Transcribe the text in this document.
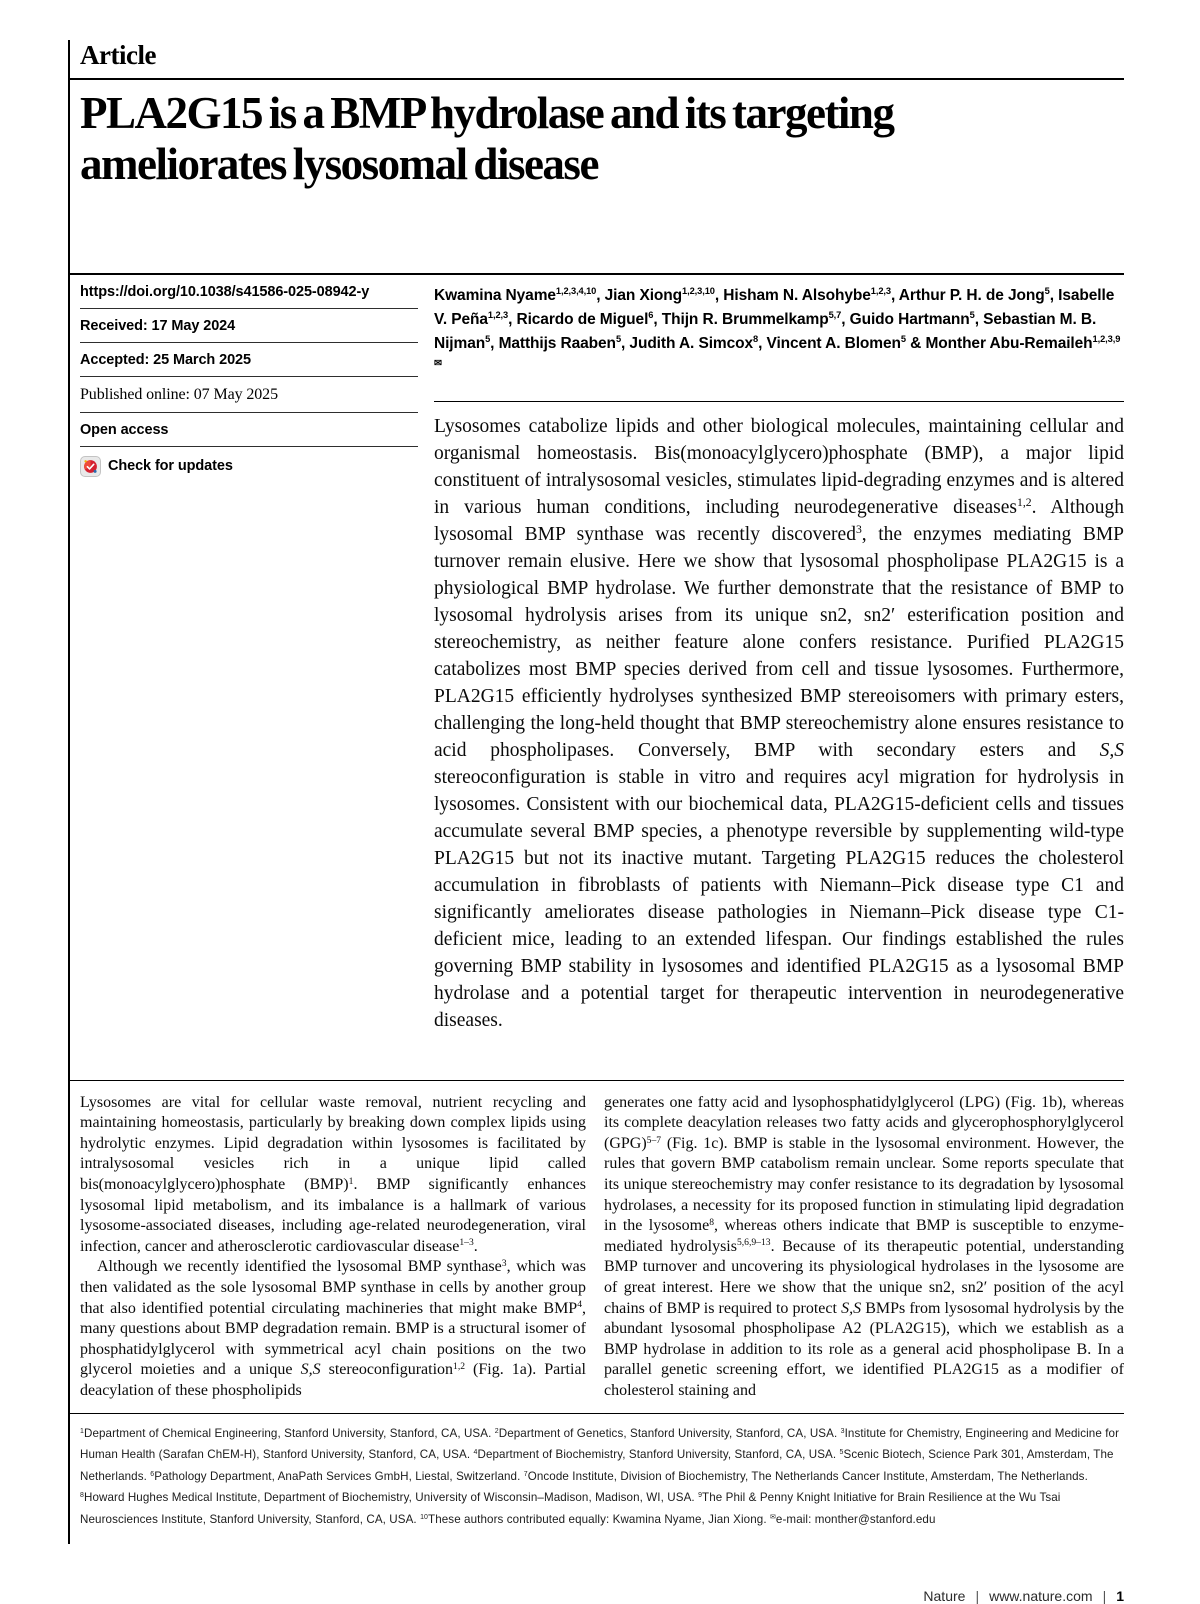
Article
PLA2G15 is a BMP hydrolase and its targeting ameliorates lysosomal disease
https://doi.org/10.1038/s41586-025-08942-y
Received: 17 May 2024
Accepted: 25 March 2025
Published online: 07 May 2025
Open access
Check for updates
Kwamina Nyame$^{1,2,3,4,10}$, Jian Xiong$^{1,2,3,10}$, Hisham N. Alsohybe$^{1,2,3}$, Arthur P. H. de Jong$^5$, Isabelle V. Peña$^{1,2,3}$, Ricardo de Miguel$^6$, Thijn R. Brummelkamp$^{5,7}$, Guido Hartmann$^5$, Sebastian M. B. Nijman$^5$, Matthijs Raaben$^5$, Judith A. Simcox$^8$, Vincent A. Blomen$^5$ & Monther Abu-Remaileh$^{1,2,3,9✉}$
Lysosomes catabolize lipids and other biological molecules, maintaining cellular and organismal homeostasis. Bis(monoacylglycero)phosphate (BMP), a major lipid constituent of intralysosomal vesicles, stimulates lipid-degrading enzymes and is altered in various human conditions, including neurodegenerative diseases$^{1,2}$. Although lysosomal BMP synthase was recently discovered$^3$, the enzymes mediating BMP turnover remain elusive. Here we show that lysosomal phospholipase PLA2G15 is a physiological BMP hydrolase. We further demonstrate that the resistance of BMP to lysosomal hydrolysis arises from its unique sn2, sn2′ esterification position and stereochemistry, as neither feature alone confers resistance. Purified PLA2G15 catabolizes most BMP species derived from cell and tissue lysosomes. Furthermore, PLA2G15 efficiently hydrolyses synthesized BMP stereoisomers with primary esters, challenging the long-held thought that BMP stereochemistry alone ensures resistance to acid phospholipases. Conversely, BMP with secondary esters and S,S stereoconfiguration is stable in vitro and requires acyl migration for hydrolysis in lysosomes. Consistent with our biochemical data, PLA2G15-deficient cells and tissues accumulate several BMP species, a phenotype reversible by supplementing wild-type PLA2G15 but not its inactive mutant. Targeting PLA2G15 reduces the cholesterol accumulation in fibroblasts of patients with Niemann–Pick disease type C1 and significantly ameliorates disease pathologies in Niemann–Pick disease type C1-deficient mice, leading to an extended lifespan. Our findings established the rules governing BMP stability in lysosomes and identified PLA2G15 as a lysosomal BMP hydrolase and a potential target for therapeutic intervention in neurodegenerative diseases.

Lysosomes are vital for cellular waste removal, nutrient recycling and maintaining homeostasis, particularly by breaking down complex lipids using hydrolytic enzymes. Lipid degradation within lysosomes is facilitated by intralysosomal vesicles rich in a unique lipid called bis(monoacylglycero)phosphate (BMP)$^1$. BMP significantly enhances lysosomal lipid metabolism, and its imbalance is a hallmark of various lysosome-associated diseases, including age-related neurodegeneration, viral infection, cancer and atherosclerotic cardiovascular disease$^{1-3}$.

Although we recently identified the lysosomal BMP synthase$^3$, which was then validated as the sole lysosomal BMP synthase in cells by another group that also identified potential circulating machineries that might make BMP$^4$, many questions about BMP degradation remain. BMP is a structural isomer of phosphatidylglycerol with symmetrical acyl chain positions on the two glycerol moieties and a unique S,S stereoconfiguration$^{1,2}$ (Fig. 1a). Partial deacylation of these phospholipids

generates one fatty acid and lysophosphatidylglycerol (LPG) (Fig. 1b), whereas its complete deacylation releases two fatty acids and glycerophosphorylglycerol (GPG)$^{5-7}$ (Fig. 1c). BMP is stable in the lysosomal environment. However, the rules that govern BMP catabolism remain unclear. Some reports speculate that its unique stereochemistry may confer resistance to its degradation by lysosomal hydrolases, a necessity for its proposed function in stimulating lipid degradation in the lysosome$^8$, whereas others indicate that BMP is susceptible to enzyme-mediated hydrolysis$^{5,6,9-13}$. Because of its therapeutic potential, understanding BMP turnover and uncovering its physiological hydrolases in the lysosome are of great interest. Here we show that the unique sn2, sn2′ position of the acyl chains of BMP is required to protect S,S BMPs from lysosomal hydrolysis by the abundant lysosomal phospholipase A2 (PLA2G15), which we establish as a BMP hydrolase in addition to its role as a general acid phospholipase B. In a parallel genetic screening effort, we identified PLA2G15 as a modifier of cholesterol staining and

$^1$Department of Chemical Engineering, Stanford University, Stanford, CA, USA. $^2$Department of Genetics, Stanford University, Stanford, CA, USA. $^3$Institute for Chemistry, Engineering and Medicine for Human Health (Sarafan ChEM-H), Stanford University, Stanford, CA, USA. $^4$Department of Biochemistry, Stanford University, Stanford, CA, USA. $^5$Scenic Biotech, Science Park 301, Amsterdam, The Netherlands. $^6$Pathology Department, AnaPath Services GmbH, Liestal, Switzerland. $^7$Oncode Institute, Division of Biochemistry, The Netherlands Cancer Institute, Amsterdam, The Netherlands. $^8$Howard Hughes Medical Institute, Department of Biochemistry, University of Wisconsin–Madison, Madison, WI, USA. $^9$The Phil & Penny Knight Initiative for Brain Resilience at the Wu Tsai Neurosciences Institute, Stanford University, Stanford, CA, USA. $^{10}$These authors contributed equally: Kwamina Nyame, Jian Xiong. ✉e-mail: monther@stanford.edu
Nature | www.nature.com | 1
